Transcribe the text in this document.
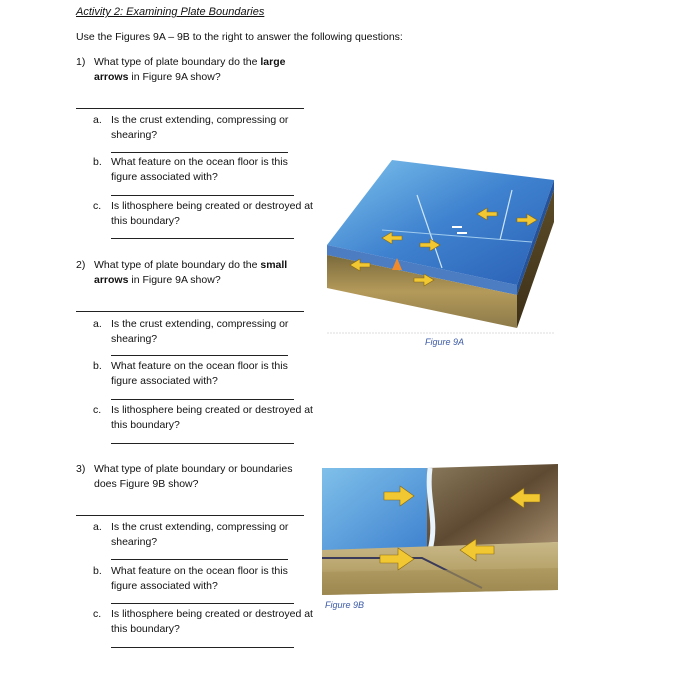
Activity 2: Examining Plate Boundaries
Use the Figures 9A – 9B to the right to answer the following questions:
1) What type of plate boundary do the large arrows in Figure 9A show?
a. Is the crust extending, compressing or shearing?
b. What feature on the ocean floor is this figure associated with?
c. Is lithosphere being created or destroyed at this boundary?
2) What type of plate boundary do the small arrows in Figure 9A show?
a. Is the crust extending, compressing or shearing?
b. What feature on the ocean floor is this figure associated with?
c. Is lithosphere being created or destroyed at this boundary?
3) What type of plate boundary or boundaries does Figure 9B show?
a. Is the crust extending, compressing or shearing?
b. What feature on the ocean floor is this figure associated with?
c. Is lithosphere being created or destroyed at this boundary?
Figure 9A
Figure 9B
